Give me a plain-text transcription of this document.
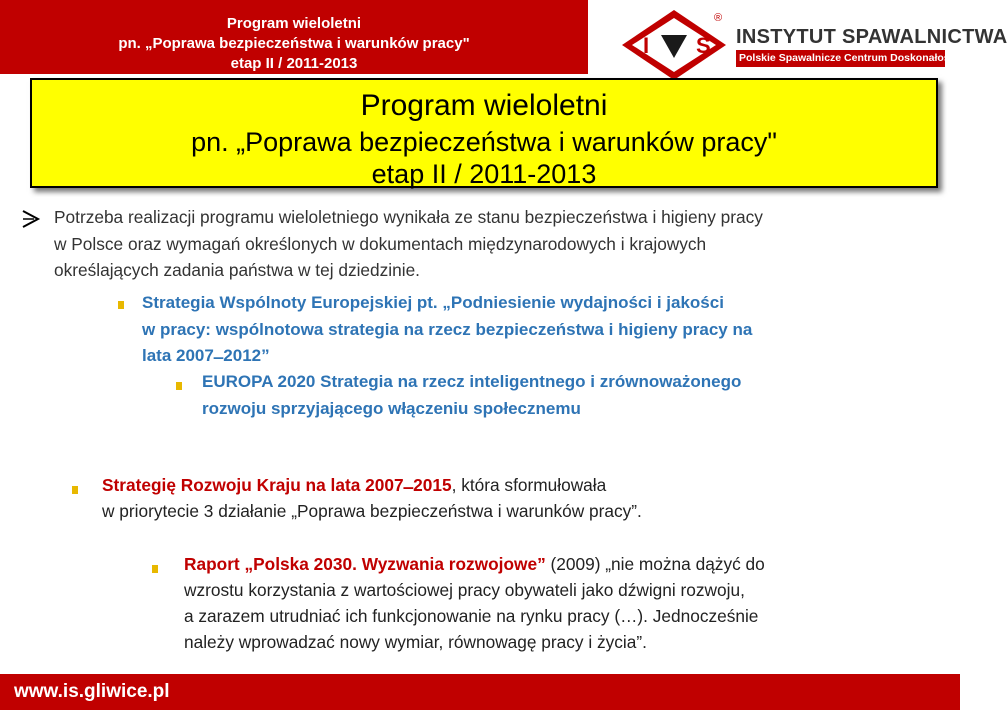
Program wieloletni
pn. „Poprawa bezpieczeństwa i warunków pracy"
etap II / 2011-2013
I S
®
INSTYTUT SPAWALNICTWA
Polskie Spawalnicze Centrum Doskonałości
Program wieloletni
pn. „Poprawa bezpieczeństwa i warunków pracy"
etap II / 2011-2013
Potrzeba realizacji programu wieloletniego wynikała ze stanu bezpieczeństwa i higieny pracy
w Polsce oraz wymagań określonych w dokumentach międzynarodowych i krajowych
określających zadania państwa w tej dziedzinie.
Strategia Wspólnoty Europejskiej pt. „Podniesienie wydajności i jakości
w pracy: wspólnotowa strategia na rzecz bezpieczeństwa i higieny pracy na
lata 2007 ̶ 2012”
EUROPA 2020 Strategia na rzecz inteligentnego i zrównoważonego
rozwoju sprzyjającego włączeniu społecznemu
Strategię Rozwoju Kraju na lata 2007 ̶ 2015, która sformułowała
w priorytecie 3 działanie „Poprawa bezpieczeństwa i warunków pracy”.
Raport „Polska 2030. Wyzwania rozwojowe” (2009) „nie można dążyć do
wzrostu korzystania z wartościowej pracy obywateli jako dźwigni rozwoju,
a zarazem utrudniać ich funkcjonowanie na rynku pracy (…). Jednocześnie
należy wprowadzać nowy wymiar, równowagę pracy i życia”.
www.is.gliwice.pl
